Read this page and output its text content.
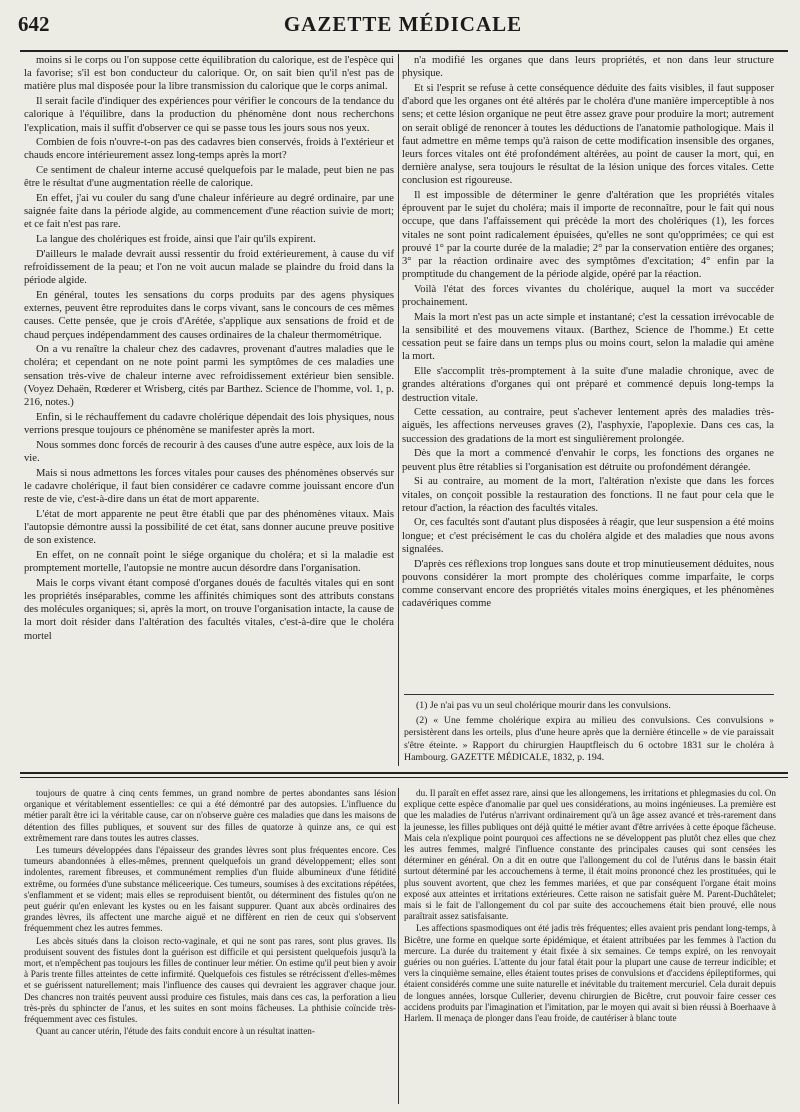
642	GAZETTE MÉDICALE

moins si le corps ou l'on suppose cette équilibration du calorique, est de l'espèce qui la favorise; s'il est bon conducteur du calorique. Or, on sait bien qu'il n'est pas de matière plus mal disposée pour la libre transmission du calorique que le corps animal.

Il serait facile d'indiquer des expériences pour vérifier le concours de la tendance du calorique à l'équilibre, dans la production du phénomène dont nous recherchons l'explication, mais il suffit d'observer ce qui se passe tous les jours sous nos yeux.

Combien de fois n'ouvre-t-on pas des cadavres bien conservés, froids à l'extérieur et chauds encore intérieurement assez long-temps après la mort?

Ce sentiment de chaleur interne accusé quelquefois par le malade, peut bien ne pas être le résultat d'une augmentation réelle de calorique.

En effet, j'ai vu couler du sang d'une chaleur inférieure au degré ordinaire, par une saignée faite dans la période algide, au commencement d'une réaction suivie de mort; et ce fait n'est pas rare.

La langue des cholériques est froide, ainsi que l'air qu'ils expirent.

D'ailleurs le malade devrait aussi ressentir du froid extérieurement, à cause du vif refroidissement de la peau; et l'on ne voit aucun malade se plaindre du froid dans la période algide.

En général, toutes les sensations du corps produits par des agens physiques externes, peuvent être reproduites dans le corps vivant, sans le concours de ces mêmes causes. Cette pensée, que je crois d'Arétée, s'applique aux sensations de froid et de chaud perçues indépendamment des causes ordinaires de la chaleur thermométrique.

On a vu renaître la chaleur chez des cadavres, provenant d'autres maladies que le choléra; et cependant on ne note point parmi les symptômes de ces maladies une sensation très-vive de chaleur interne avec refroidissement extérieur bien sensible. (Voyez Dehaën, Rœderer et Wrisberg, cités par Barthez. Science de l'homme, vol. 1, p. 216, notes.)

Enfin, si le réchauffement du cadavre cholérique dépendait des lois physiques, nous verrions presque toujours ce phénomène se manifester après la mort.

Nous sommes donc forcés de recourir à des causes d'une autre espèce, aux lois de la vie.

Mais si nous admettons les forces vitales pour causes des phénomènes observés sur le cadavre cholérique, il faut bien considérer ce cadavre comme jouissant encore d'un reste de vie, c'est-à-dire dans un état de mort apparente.

L'état de mort apparente ne peut être établi que par des phénomènes vitaux. Mais l'autopsie démontre aussi la possibilité de cet état, sans donner aucune preuve positive de son existence.

En effet, on ne connaît point le siége organique du choléra; et si la maladie est promptement mortelle, l'autopsie ne montre aucun désordre dans l'organisation.

Mais le corps vivant étant composé d'organes doués de facultés vitales qui en sont les propriétés inséparables, comme les affinités chimiques sont des attributs constans des molécules organiques; si, après la mort, on trouve l'organisation intacte, la cause de la mort doit résider dans l'altération des facultés vitales, c'est-à-dire que le choléra mortel

n'a modifié les organes que dans leurs propriétés, et non dans leur structure physique.

Et si l'esprit se refuse à cette conséquence déduite des faits visibles, il faut supposer d'abord que les organes ont été altérés par le choléra d'une manière imperceptible à nos sens; et cette lésion organique ne peut être assez grave pour produire la mort; autrement on serait obligé de renoncer à toutes les déductions de l'anatomie pathologique. Mais il faut admettre en même temps qu'à raison de cette modification insensible des organes, leurs forces vitales ont été profondément altérées, au point de causer la mort, qui, en dernière analyse, sera toujours le résultat de la lésion unique des forces vitales. Cette conclusion est rigoureuse.

Il est impossible de déterminer le genre d'altération que les propriétés vitales éprouvent par le sujet du choléra; mais il importe de reconnaître, pour le fait qui nous occupe, que dans l'affaissement qui précède la mort des cholériques (1), les forces vitales ne sont point radicalement épuisées, qu'elles ne sont qu'opprimées; ce qui est prouvé 1° par la courte durée de la maladie; 2° par la conservation entière des organes; 3° par la réaction ordinaire avec des symptômes d'excitation; 4° enfin par la promptitude du changement de la période algide, opéré par la réaction.

Voilà l'état des forces vivantes du cholérique, auquel la mort va succéder prochainement.

Mais la mort n'est pas un acte simple et instantané; c'est la cessation irrévocable de la sensibilité et des mouvemens vitaux. (Barthez, Science de l'homme.) Et cette cessation peut se faire dans un temps plus ou moins court, selon la maladie qui amène la mort.

Elle s'accomplit très-promptement à la suite d'une maladie chronique, avec de grandes altérations d'organes qui ont préparé et commencé depuis long-temps la destruction vitale.

Cette cessation, au contraire, peut s'achever lentement après des maladies très-aiguës, les affections nerveuses graves (2), l'asphyxie, l'apoplexie. Dans ces cas, la succession des gradations de la mort est singulièrement prolongée.

Dès que la mort a commencé d'envahir le corps, les fonctions des organes ne peuvent plus être rétablies si l'organisation est détruite ou profondément dérangée.

Si au contraire, au moment de la mort, l'altération n'existe que dans les forces vitales, on conçoit possible la restauration des fonctions. Il ne faut pour cela que le retour d'action, la réaction des facultés vitales.

Or, ces facultés sont d'autant plus disposées à réagir, que leur suspension a été moins longue; et c'est précisément le cas du choléra algide et des maladies que nous avons signalées.

D'après ces réflexions trop longues sans doute et trop minutieusement déduites, nous pouvons considérer la mort prompte des cholériques comme imparfaite, le corps comme conservant encore des propriétés vitales moins énergiques, et les phénomènes cadavériques comme

(1) Je n'ai pas vu un seul cholérique mourir dans les convulsions.

(2) « Une femme cholérique expira au milieu des convulsions. Ces convulsions » persistèrent dans les orteils, plus d'une heure après que la dernière étincelle » de vie paraissait s'être éteinte. » Rapport du chirurgien Hauptfleisch du 6 octobre 1831 sur le choléra à Hambourg. GAZETTE MÉDICALE, 1832, p. 194.

toujours de quatre à cinq cents femmes, un grand nombre de pertes abondantes sans lésion organique et véritablement essentielles: ce qui a été démontré par des autopsies. L'influence du métier paraît être ici la véritable cause, car on n'observe guère ces maladies que dans les maisons de détention des filles publiques, et souvent sur des filles de quatorze à quinze ans, ce qui est extrêmement rare dans toutes les autres classes.

Les tumeurs développées dans l'épaisseur des grandes lèvres sont plus fréquentes encore. Ces tumeurs abandonnées à elles-mêmes, prennent quelquefois un grand développement; elles sont indolentes, rarement fibreuses, et communément remplies d'un fluide albumineux d'une fétidité extrême, ou formées d'une substance méliceerique. Ces tumeurs, soumises à des excitations répétées, s'enflamment et se vident; mais elles se reproduisent bientôt, ou déterminent des fistules qu'on ne peut guérir qu'en enlevant les kystes ou en les faisant suppurer. Quant aux abcès ordinaires des grandes lèvres, ils affectent une marche aiguë et ne diffèrent en rien de ceux qui s'observent fréquemment chez les autres femmes.

Les abcès situés dans la cloison recto-vaginale, et qui ne sont pas rares, sont plus graves. Ils produisent souvent des fistules dont la guérison est difficile et qui persistent quelquefois jusqu'à la mort, et n'empêchent pas toujours les filles de continuer leur métier. On estime qu'il peut bien y avoir à Paris trente filles atteintes de cette infirmité. Quelquefois ces fistules se rétrécissent d'elles-mêmes et se guérissent naturellement; mais l'influence des causes qui devraient les aggraver chaque jour. Des chancres non traités peuvent aussi produire ces fistules, mais dans ces cas, la perforation a lieu très-près du sphincter de l'anus, et les suites en sont moins fâcheuses. La phthisie coïncide très-fréquemment avec ces fistules.

Quant au cancer utérin, l'étude des faits conduit encore à un résultat inatten-

du. Il paraît en effet assez rare, ainsi que les allongemens, les irritations et phlegmasies du col. On explique cette espèce d'anomalie par quel ues considérations, au moins ingénieuses. La première est que les maladies de l'utérus n'arrivant ordinairement qu'à un âge assez avancé et très-rarement dans la jeunesse, les filles publiques ont déjà quitté le métier avant d'être arrivées à cette époque fâcheuse. Mais cela n'explique point pourquoi ces affections ne se développent pas plutôt chez elles que chez les autres femmes, malgré l'influence constante des principales causes qui sont censées les déterminer en général. On a dit en outre que l'allongement du col de l'utérus dans le bassin était surtout déterminé par les accouchemens à terme, il était moins prononcé chez les prostituées, qui le plus souvent avortent, que chez les femmes mariées, et que par conséquent l'organe était moins exposé aux atteintes et irritations extérieures. Cette raison ne satisfait guère M. Parent-Duchâtelet; mais si le fait de l'allongement du col par suite des accouchemens était bien prouvé, elle nous paraîtrait assez satisfaisante.

Les affections spasmodiques ont été jadis très fréquentes; elles avaient pris pendant long-temps, à Bicêtre, une forme en quelque sorte épidémique, et étaient attribuées par les femmes à l'action du mercure. La durée du traitement y était fixée à six semaines. Ce temps expiré, on les renvoyait guéries ou non guéries. L'attente du jour fatal était pour la plupart une cause de terreur indicible; et vers la cinquième semaine, elles étaient toutes prises de convulsions et d'accidens épileptiformes, qui étaient considérés comme une suite naturelle et inévitable du traitement mercuriel. Cela durait depuis de longues années, lorsque Cullerier, devenu chirurgien de Bicêtre, crut pouvoir faire cesser ces accidens produits par l'imagination et l'imitation, par le moyen qui avait si bien réussi à Boerhaave à Harlem. Il menaça de plonger dans l'eau froide, de cautériser à blanc toute
